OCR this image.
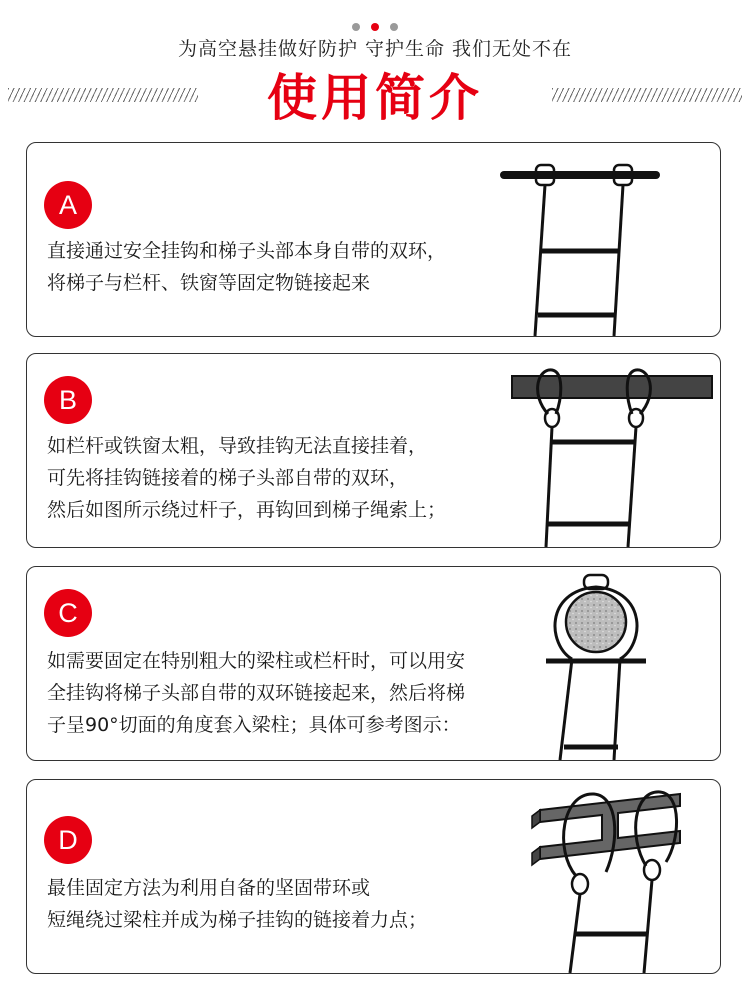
为高空悬挂做好防护 守护生命 我们无处不在
使用简介
A
直接通过安全挂钩和梯子头部本身自带的双环，
将梯子与栏杆、铁窗等固定物链接起来
B
如栏杆或铁窗太粗，导致挂钩无法直接挂着，
可先将挂钩链接着的梯子头部自带的双环，
然后如图所示绕过杆子，再钩回到梯子绳索上；
C
如需要固定在特别粗大的梁柱或栏杆时，可以用安
全挂钩将梯子头部自带的双环链接起来，然后将梯
子呈90°切面的角度套入梁柱；具体可参考图示：
D
最佳固定方法为利用自备的坚固带环或
短绳绕过梁柱并成为梯子挂钩的链接着力点；
